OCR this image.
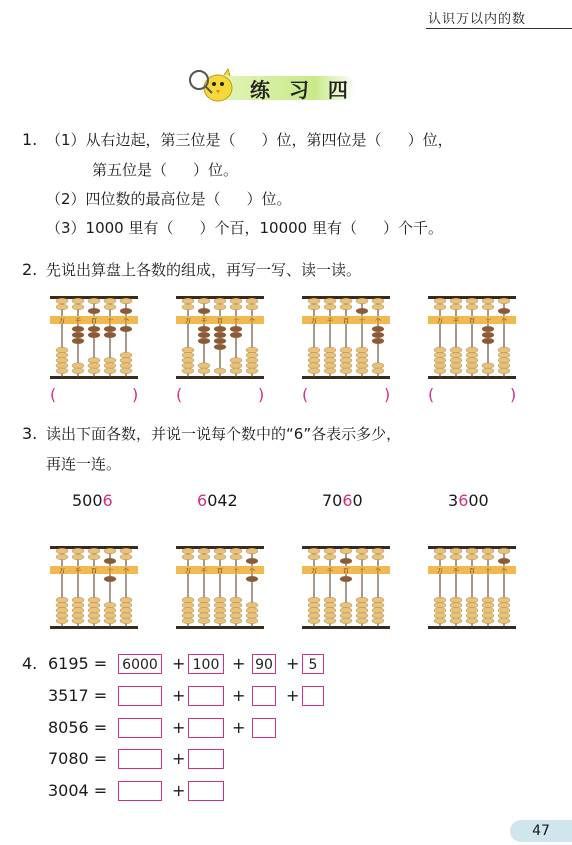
认识万以内的数
练 习 四
1. （1）从右边起，第三位是（ ）位，第四位是（ ）位，
第五位是（ ）位。
（2）四位数的最高位是（ ）位。
（3）1000 里有（ ）个百，10000 里有（ ）个千。
2. 先说出算盘上各数的组成，再写一写、读一读。
万 千 百 十 个	万 千 百 十 个	万 千 百 十 个	万 千 百 十 个
(	) (	) (	) (	)
3. 读出下面各数，并说一说每个数中的“6”各表示多少，
再连一连。
5006	6042	7060	3600
万 千 百 十 个	万 千 百 十 个	万 千 百 十 个	万 千 百 十 个
4. 6195 = 6000 + 100 + 90 + 5
3517 =	+	+	+
8056 =	+	+
7080 =	+
3004 =	+
47
